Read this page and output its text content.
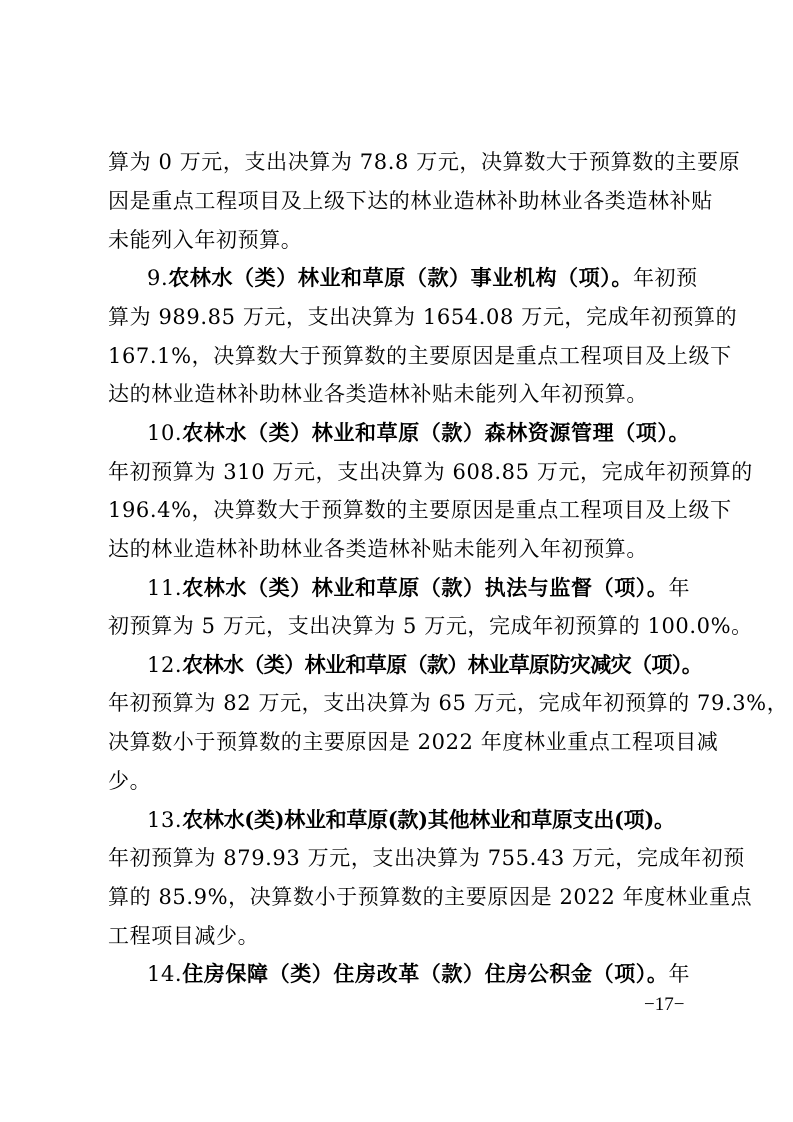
算为 0 万元，支出决算为 78.8 万元，决算数大于预算数的主要原
因是重点工程项目及上级下达的林业造林补助林业各类造林补贴
未能列入年初预算。
9.农林水（类）林业和草原（款）事业机构（项）。年初预
算为 989.85 万元，支出决算为 1654.08 万元，完成年初预算的
167.1%，决算数大于预算数的主要原因是重点工程项目及上级下
达的林业造林补助林业各类造林补贴未能列入年初预算。
10.农林水（类）林业和草原（款）森林资源管理（项）。
年初预算为 310 万元，支出决算为 608.85 万元，完成年初预算的
196.4%，决算数大于预算数的主要原因是重点工程项目及上级下
达的林业造林补助林业各类造林补贴未能列入年初预算。
11.农林水（类）林业和草原（款）执法与监督（项）。年
初预算为 5 万元，支出决算为 5 万元，完成年初预算的 100.0%。
12.农林水（类）林业和草原（款）林业草原防灾减灾（项）。
年初预算为 82 万元，支出决算为 65 万元，完成年初预算的 79.3%，
决算数小于预算数的主要原因是 2022 年度林业重点工程项目减
少。
13.农林水(类)林业和草原(款)其他林业和草原支出(项)。
年初预算为 879.93 万元，支出决算为 755.43 万元，完成年初预
算的 85.9%，决算数小于预算数的主要原因是 2022 年度林业重点
工程项目减少。
14.住房保障（类）住房改革（款）住房公积金（项）。年
−17−
